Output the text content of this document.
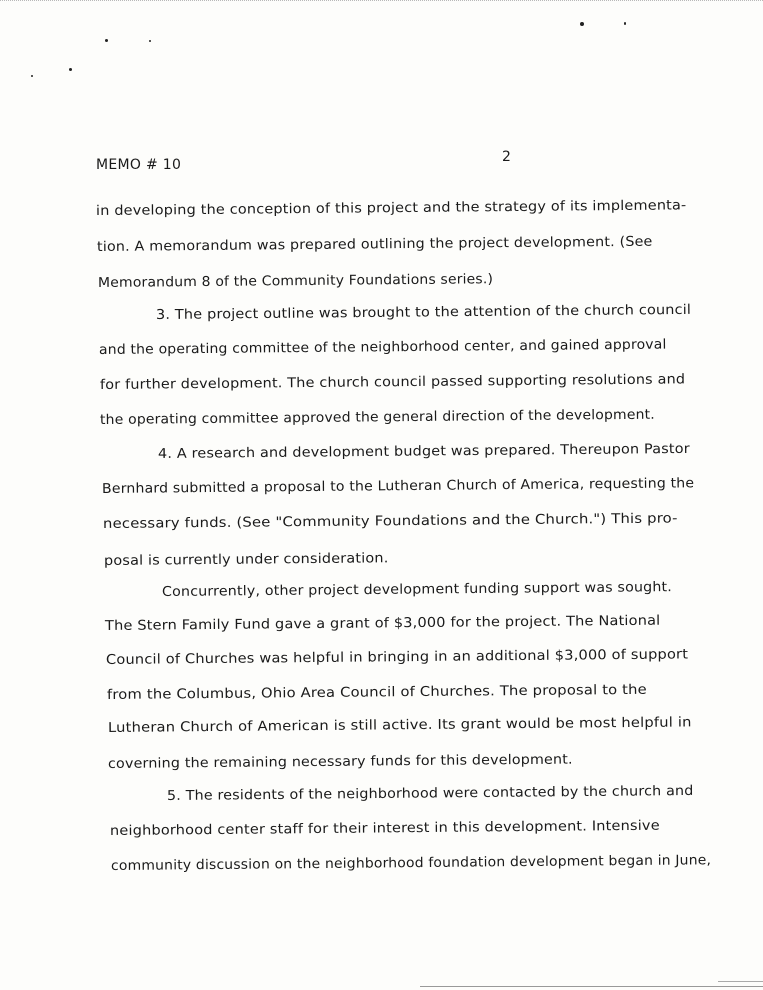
MEMO # 10	2
in developing the conception of this project and the strategy of its implementa-
tion. A memorandum was prepared outlining the project development. (See
Memorandum 8 of the Community Foundations series.)
3. The project outline was brought to the attention of the church council
and the operating committee of the neighborhood center, and gained approval
for further development. The church council passed supporting resolutions and
the operating committee approved the general direction of the development.
4. A research and development budget was prepared. Thereupon Pastor
Bernhard submitted a proposal to the Lutheran Church of America, requesting the
necessary funds. (See "Community Foundations and the Church.") This pro-
posal is currently under consideration.
Concurrently, other project development funding support was sought.
The Stern Family Fund gave a grant of $3,000 for the project. The National
Council of Churches was helpful in bringing in an additional $3,000 of support
from the Columbus, Ohio Area Council of Churches. The proposal to the
Lutheran Church of American is still active. Its grant would be most helpful in
coverning the remaining necessary funds for this development.
5. The residents of the neighborhood were contacted by the church and
neighborhood center staff for their interest in this development. Intensive
community discussion on the neighborhood foundation development began in June,
